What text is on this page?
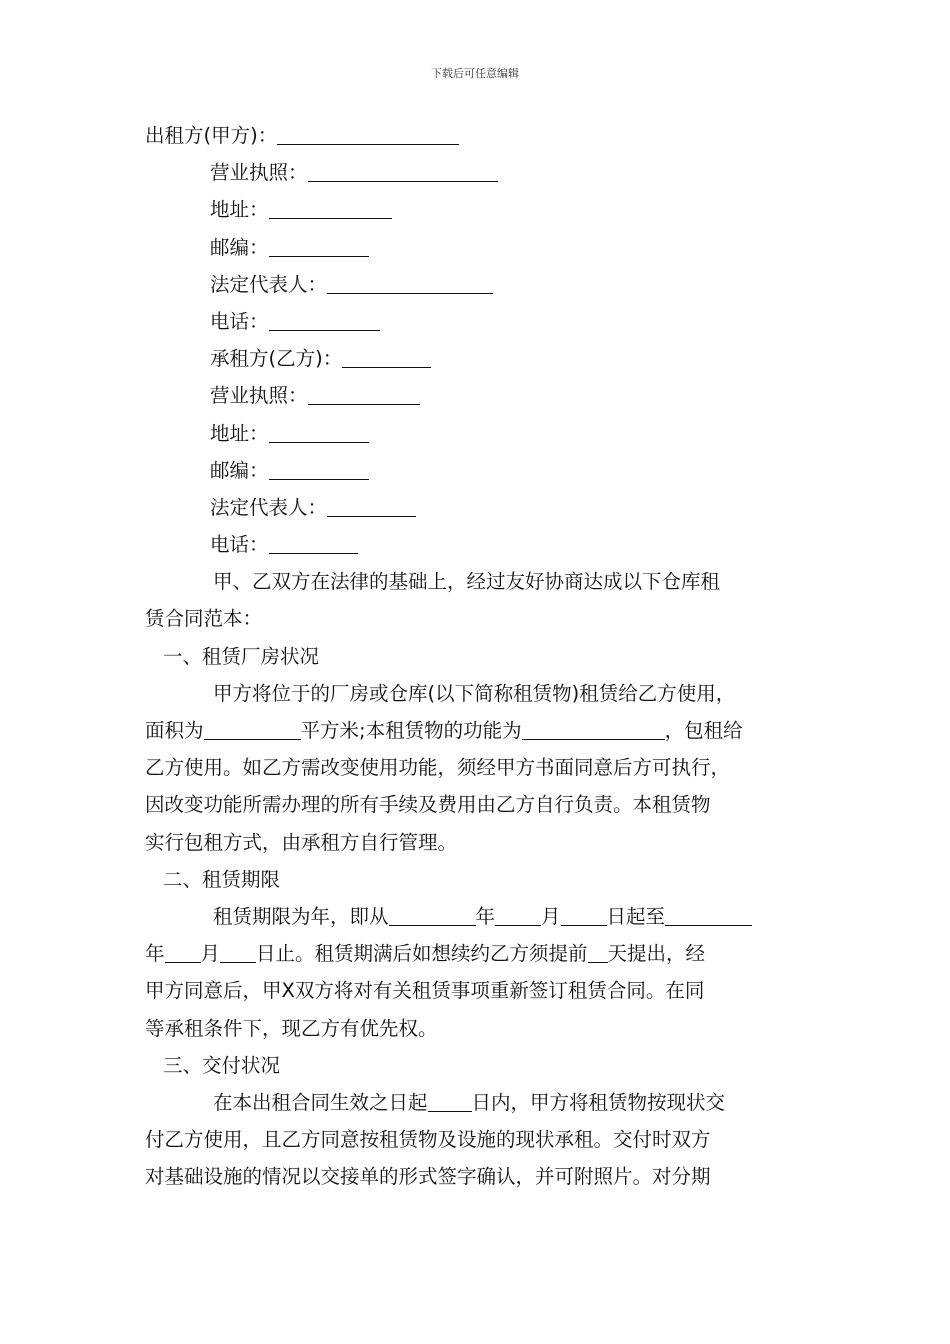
下载后可任意编辑
出租方(甲方)：
营业执照：
地址：
邮编：
法定代表人：
电话：
承租方(乙方)：
营业执照：
地址：
邮编：
法定代表人：
电话：
甲、乙双方在法律的基础上，经过友好协商达成以下仓库租
赁合同范本：
一、租赁厂房状况
甲方将位于的厂房或仓库(以下简称租赁物)租赁给乙方使用，
面积为	平方米;本租赁物的功能为	，包租给
乙方使用。如乙方需改变使用功能，须经甲方书面同意后方可执行，
因改变功能所需办理的所有手续及费用由乙方自行负责。本租赁物
实行包租方式，由承租方自行管理。
二、租赁期限
租赁期限为年，即从	年 月 日起至
年 月 日止。租赁期满后如想续约乙方须提前 天提出，经
甲方同意后，甲Ⅹ双方将对有关租赁事项重新签订租赁合同。在同
等承租条件下，现乙方有优先权。
三、交付状况
在本出租合同生效之日起 日内，甲方将租赁物按现状交
付乙方使用，且乙方同意按租赁物及设施的现状承租。交付时双方
对基础设施的情况以交接单的形式签字确认，并可附照片。对分期
